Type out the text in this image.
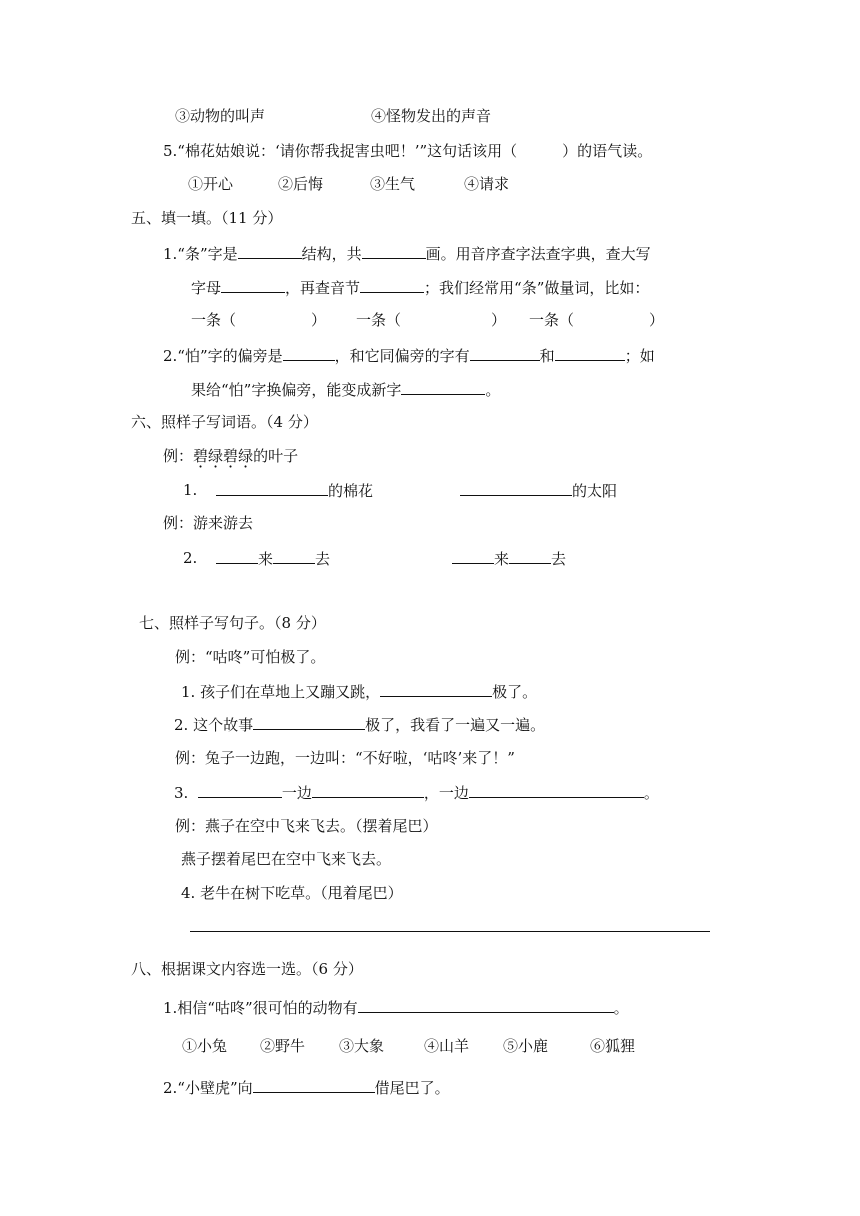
③动物的叫声	④怪物发出的声音
5.“棉花姑娘说：‘请你帮我捉害虫吧！’”这句话该用（　　　）的语气读。
①开心	②后悔	③生气	④请求
五、填一填。（11 分）
1.“条”字是	结构，共	画。用音序查字法查字典，查大写
字母	，再查音节	；我们经常用“条”做量词，比如：
一条（　　　　　） 一条（　　　　　　） 一条（　　　　　）
2.“怕”字的偏旁是	，和它同偏旁的字有	和	；如
果给“怕”字换偏旁，能变成新字	。
六、照样子写词语。（4 分）
例：碧绿碧绿的叶子
1.	的棉花	的太阳
例：游来游去
2.	来	去	来	去
七、照样子写句子。（8 分）
例：“咕咚”可怕极了。
1. 孩子们在草地上又蹦又跳，	极了。
2. 这个故事	极了，我看了一遍又一遍。
例：兔子一边跑，一边叫：“不好啦，‘咕咚’来了！”
3.	一边	，一边	。
例：燕子在空中飞来飞去。（摆着尾巴）
燕子摆着尾巴在空中飞来飞去。
4. 老牛在树下吃草。（甩着尾巴）
八、根据课文内容选一选。（6 分）
1.相信“咕咚”很可怕的动物有	。
①小兔 ②野牛 ③大象	④山羊 ⑤小鹿	⑥狐狸
2.“小壁虎”向	借尾巴了。
